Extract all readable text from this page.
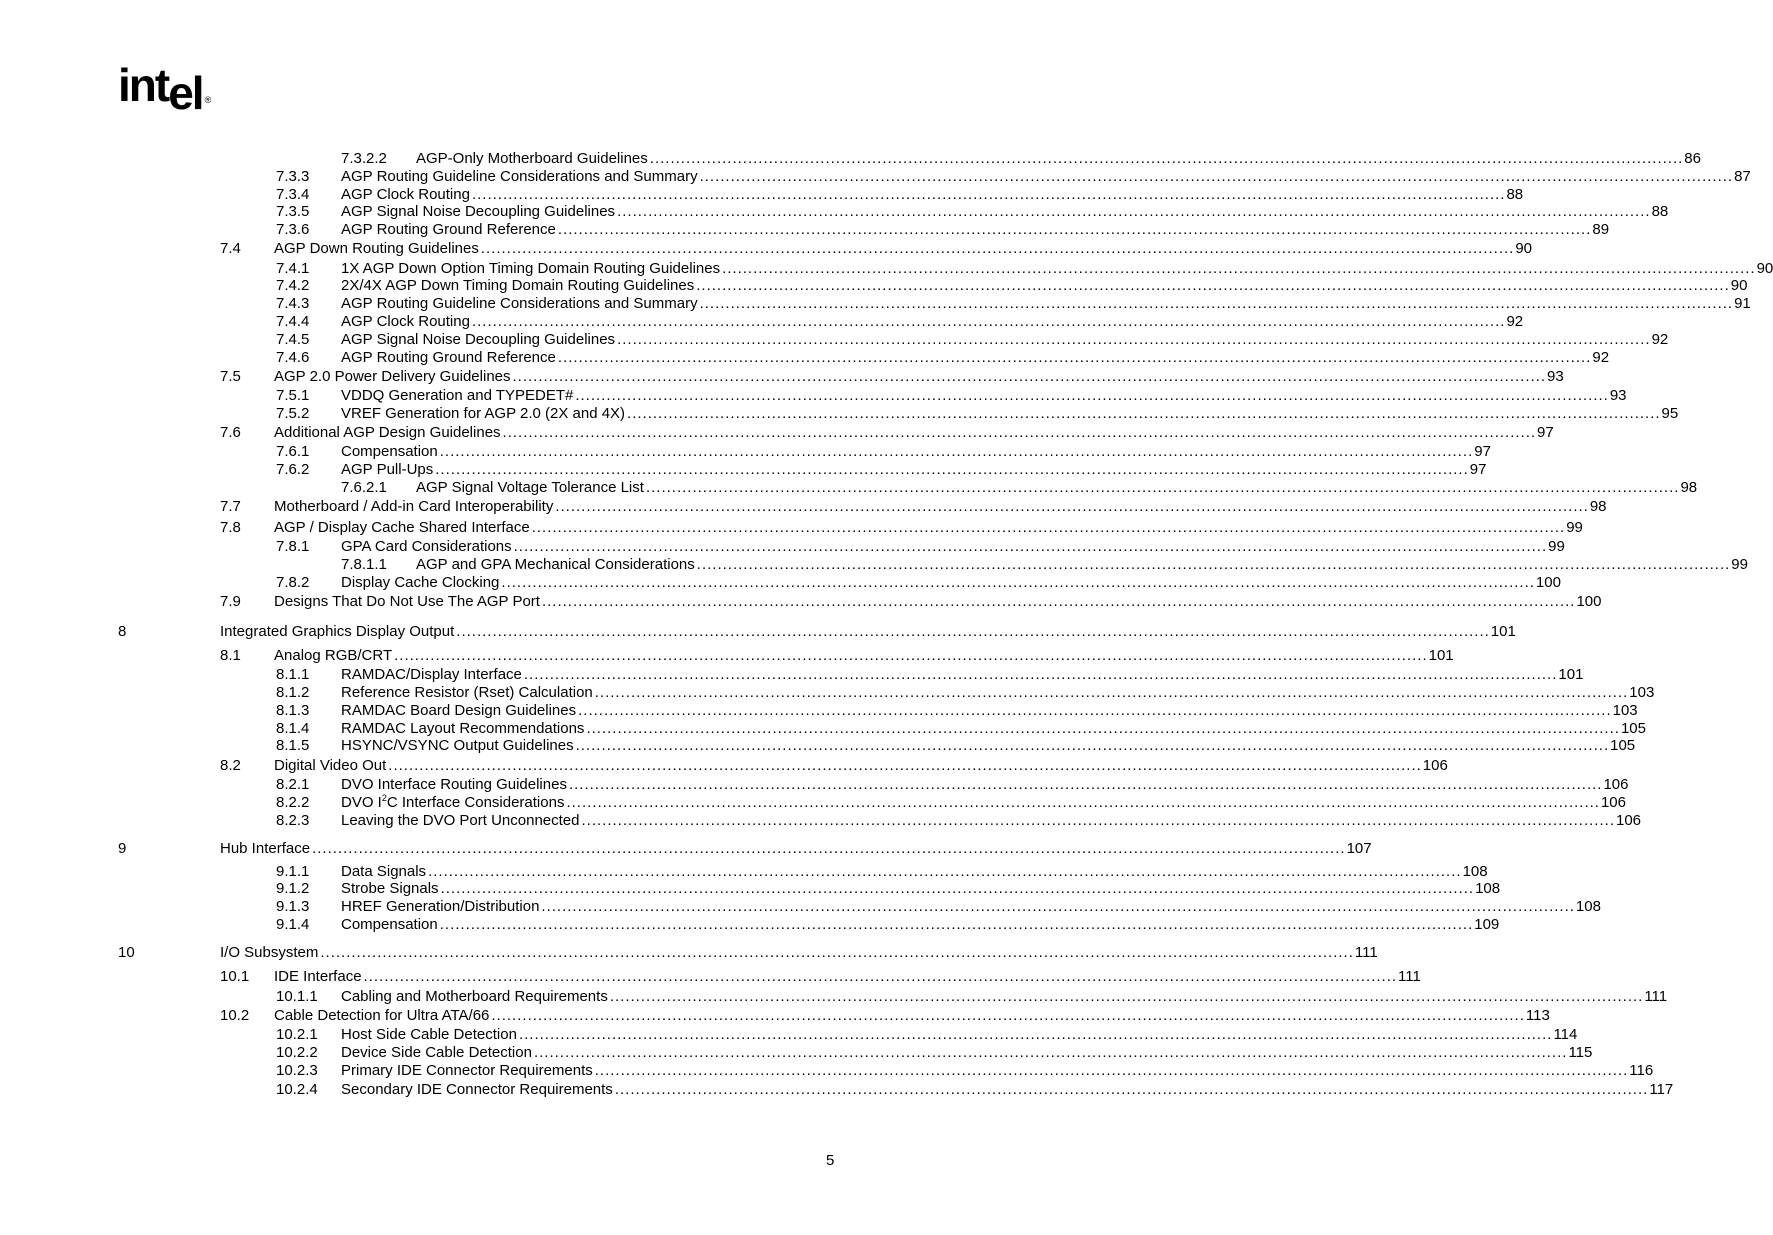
intel ®
7.3.2.2 AGP-Only Motherboard Guidelines ........................................................................................................................................................................................................ 86
7.3.3 AGP Routing Guideline Considerations and Summary ........................................................................................................................................................................................................ 87
7.3.4 AGP Clock Routing ........................................................................................................................................................................................................ 88
7.3.5 AGP Signal Noise Decoupling Guidelines ........................................................................................................................................................................................................ 88
7.3.6 AGP Routing Ground Reference ........................................................................................................................................................................................................ 89
7.4 AGP Down Routing Guidelines ........................................................................................................................................................................................................ 90
7.4.1 1X AGP Down Option Timing Domain Routing Guidelines ........................................................................................................................................................................................................ 90
7.4.2 2X/4X AGP Down Timing Domain Routing Guidelines ........................................................................................................................................................................................................ 90
7.4.3 AGP Routing Guideline Considerations and Summary ........................................................................................................................................................................................................ 91
7.4.4 AGP Clock Routing ........................................................................................................................................................................................................ 92
7.4.5 AGP Signal Noise Decoupling Guidelines ........................................................................................................................................................................................................ 92
7.4.6 AGP Routing Ground Reference ........................................................................................................................................................................................................ 92
7.5 AGP 2.0 Power Delivery Guidelines ........................................................................................................................................................................................................ 93
7.5.1 VDDQ Generation and TYPEDET# ........................................................................................................................................................................................................ 93
7.5.2 VREF Generation for AGP 2.0 (2X and 4X) ........................................................................................................................................................................................................ 95
7.6 Additional AGP Design Guidelines ........................................................................................................................................................................................................ 97
7.6.1 Compensation ........................................................................................................................................................................................................ 97
7.6.2 AGP Pull-Ups ........................................................................................................................................................................................................ 97
7.6.2.1 AGP Signal Voltage Tolerance List ........................................................................................................................................................................................................ 98
7.7 Motherboard / Add-in Card Interoperability ........................................................................................................................................................................................................ 98
7.8 AGP / Display Cache Shared Interface ........................................................................................................................................................................................................ 99
7.8.1 GPA Card Considerations ........................................................................................................................................................................................................ 99
7.8.1.1 AGP and GPA Mechanical Considerations ........................................................................................................................................................................................................ 99
7.8.2 Display Cache Clocking ........................................................................................................................................................................................................ 100
7.9 Designs That Do Not Use The AGP Port ........................................................................................................................................................................................................ 100
8	Integrated Graphics Display Output ........................................................................................................................................................................................................ 101
8.1 Analog RGB/CRT ........................................................................................................................................................................................................ 101
8.1.1 RAMDAC/Display Interface ........................................................................................................................................................................................................ 101
8.1.2 Reference Resistor (Rset) Calculation ........................................................................................................................................................................................................ 103
8.1.3 RAMDAC Board Design Guidelines ........................................................................................................................................................................................................ 103
8.1.4 RAMDAC Layout Recommendations ........................................................................................................................................................................................................ 105
8.1.5 HSYNC/VSYNC Output Guidelines ........................................................................................................................................................................................................ 105
8.2 Digital Video Out ........................................................................................................................................................................................................ 106
8.2.1 DVO Interface Routing Guidelines ........................................................................................................................................................................................................ 106
8.2.2 DVO $I^2C$ Interface Considerations ........................................................................................................................................................................................................ 106
8.2.3 Leaving the DVO Port Unconnected ........................................................................................................................................................................................................ 106
9	Hub Interface ........................................................................................................................................................................................................ 107
9.1.1 Data Signals ........................................................................................................................................................................................................ 108
9.1.2 Strobe Signals ........................................................................................................................................................................................................ 108
9.1.3 HREF Generation/Distribution ........................................................................................................................................................................................................ 108
9.1.4 Compensation ........................................................................................................................................................................................................ 109
10	I/O Subsystem ........................................................................................................................................................................................................ 111
10.1 IDE Interface ........................................................................................................................................................................................................ 111
10.1.1 Cabling and Motherboard Requirements ........................................................................................................................................................................................................ 111
10.2 Cable Detection for Ultra ATA/66 ........................................................................................................................................................................................................ 113
10.2.1 Host Side Cable Detection ........................................................................................................................................................................................................ 114
10.2.2 Device Side Cable Detection ........................................................................................................................................................................................................ 115
10.2.3 Primary IDE Connector Requirements ........................................................................................................................................................................................................ 116
10.2.4 Secondary IDE Connector Requirements ........................................................................................................................................................................................................ 117
5
